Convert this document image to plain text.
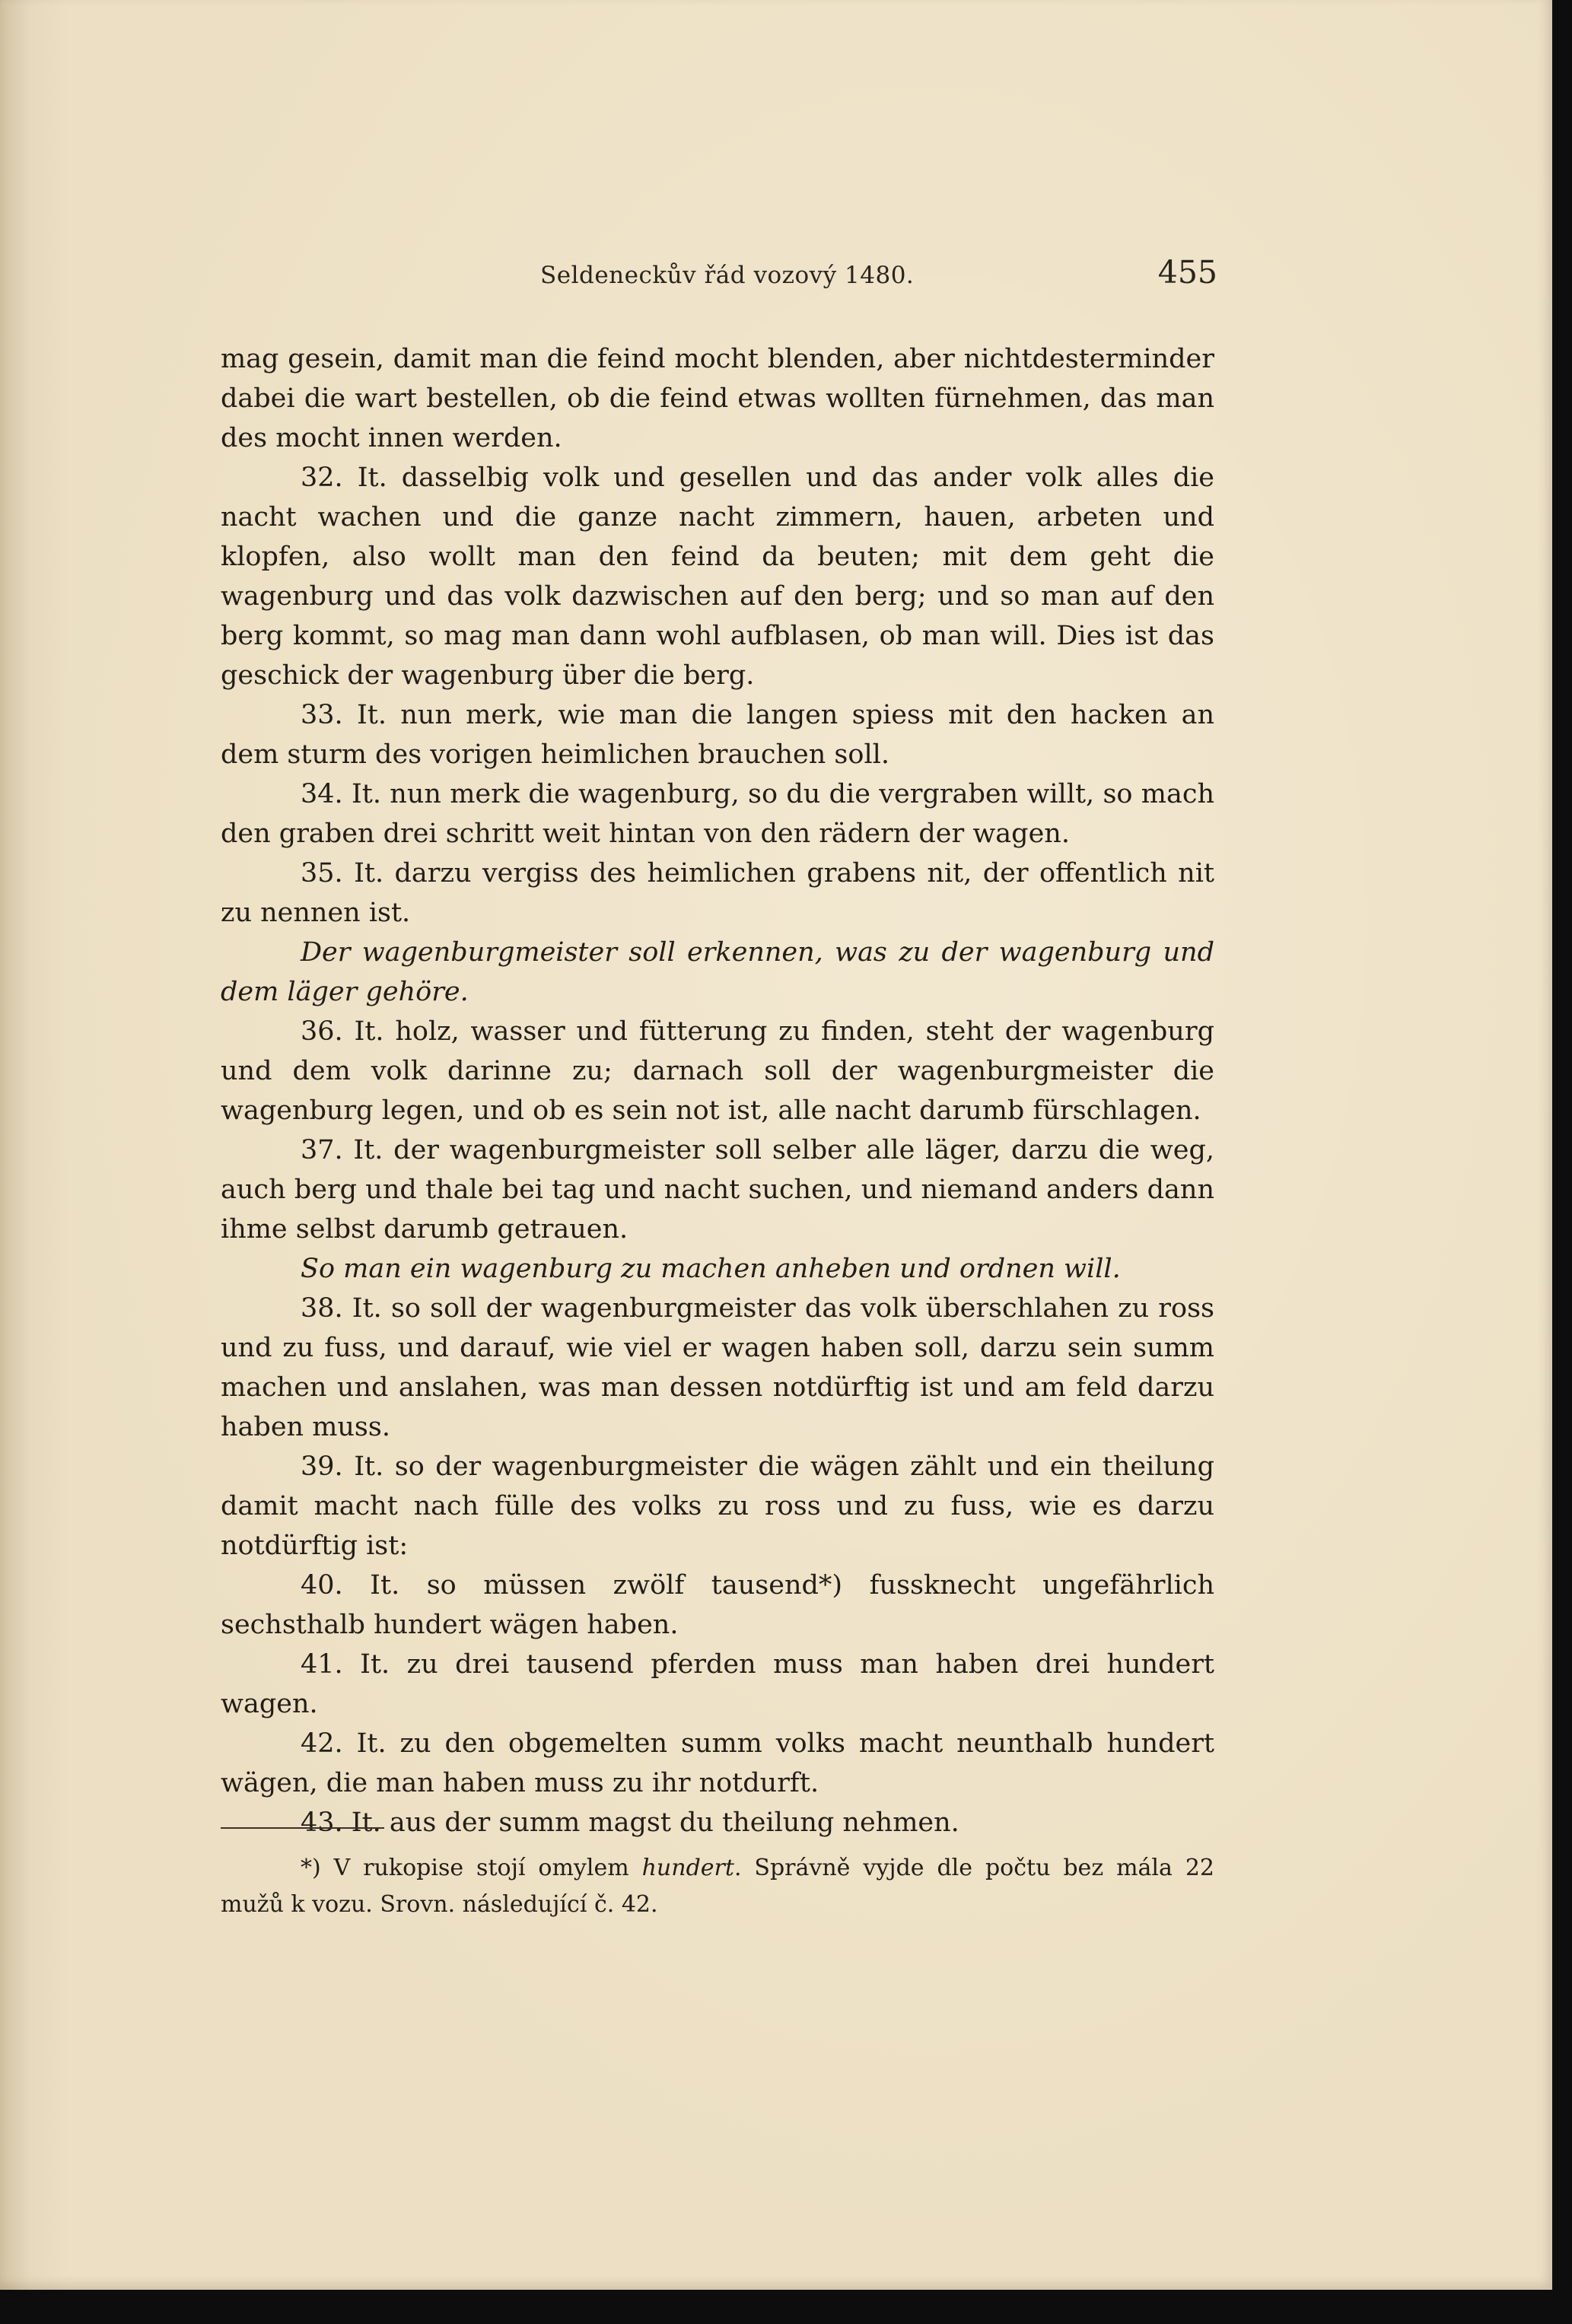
Seldeneckův řád vozový 1480.	455

mag gesein, damit man die feind mocht blenden, aber nichtdesterminder dabei die wart bestellen, ob die feind etwas wollten fürnehmen, das man des mocht innen werden.

32. It. dasselbig volk und gesellen und das ander volk alles die nacht wachen und die ganze nacht zimmern, hauen, arbeten und klopfen, also wollt man den feind da beuten; mit dem geht die wagenburg und das volk dazwischen auf den berg; und so man auf den berg kommt, so mag man dann wohl aufblasen, ob man will. Dies ist das geschick der wagenburg über die berg.

33. It. nun merk, wie man die langen spiess mit den hacken an dem sturm des vorigen heimlichen brauchen soll.

34. It. nun merk die wagenburg, so du die vergraben willt, so mach den graben drei schritt weit hintan von den rädern der wagen.

35. It. darzu vergiss des heimlichen grabens nit, der offentlich nit zu nennen ist.

Der wagenburgmeister soll erkennen, was zu der wagenburg und dem läger gehöre.

36. It. holz, wasser und fütterung zu finden, steht der wagenburg und dem volk darinne zu; darnach soll der wagenburgmeister die wagenburg legen, und ob es sein not ist, alle nacht darumb fürschlagen.

37. It. der wagenburgmeister soll selber alle läger, darzu die weg, auch berg und thale bei tag und nacht suchen, und niemand anders dann ihme selbst darumb getrauen.

So man ein wagenburg zu machen anheben und ordnen will.

38. It. so soll der wagenburgmeister das volk überschlahen zu ross und zu fuss, und darauf, wie viel er wagen haben soll, darzu sein summ machen und anslahen, was man dessen notdürftig ist und am feld darzu haben muss.

39. It. so der wagenburgmeister die wägen zählt und ein theilung damit macht nach fülle des volks zu ross und zu fuss, wie es darzu notdürftig ist:

40. It. so müssen zwölf tausend*) fussknecht ungefährlich sechsthalb hundert wägen haben.

41. It. zu drei tausend pferden muss man haben drei hundert wagen.

42. It. zu den obgemelten summ volks macht neunthalb hundert wägen, die man haben muss zu ihr notdurft.

43. It. aus der summ magst du theilung nehmen.

*) V rukopise stojí omylem hundert. Správně vyjde dle počtu bez mála 22 mužů k vozu. Srovn. následující č. 42.
